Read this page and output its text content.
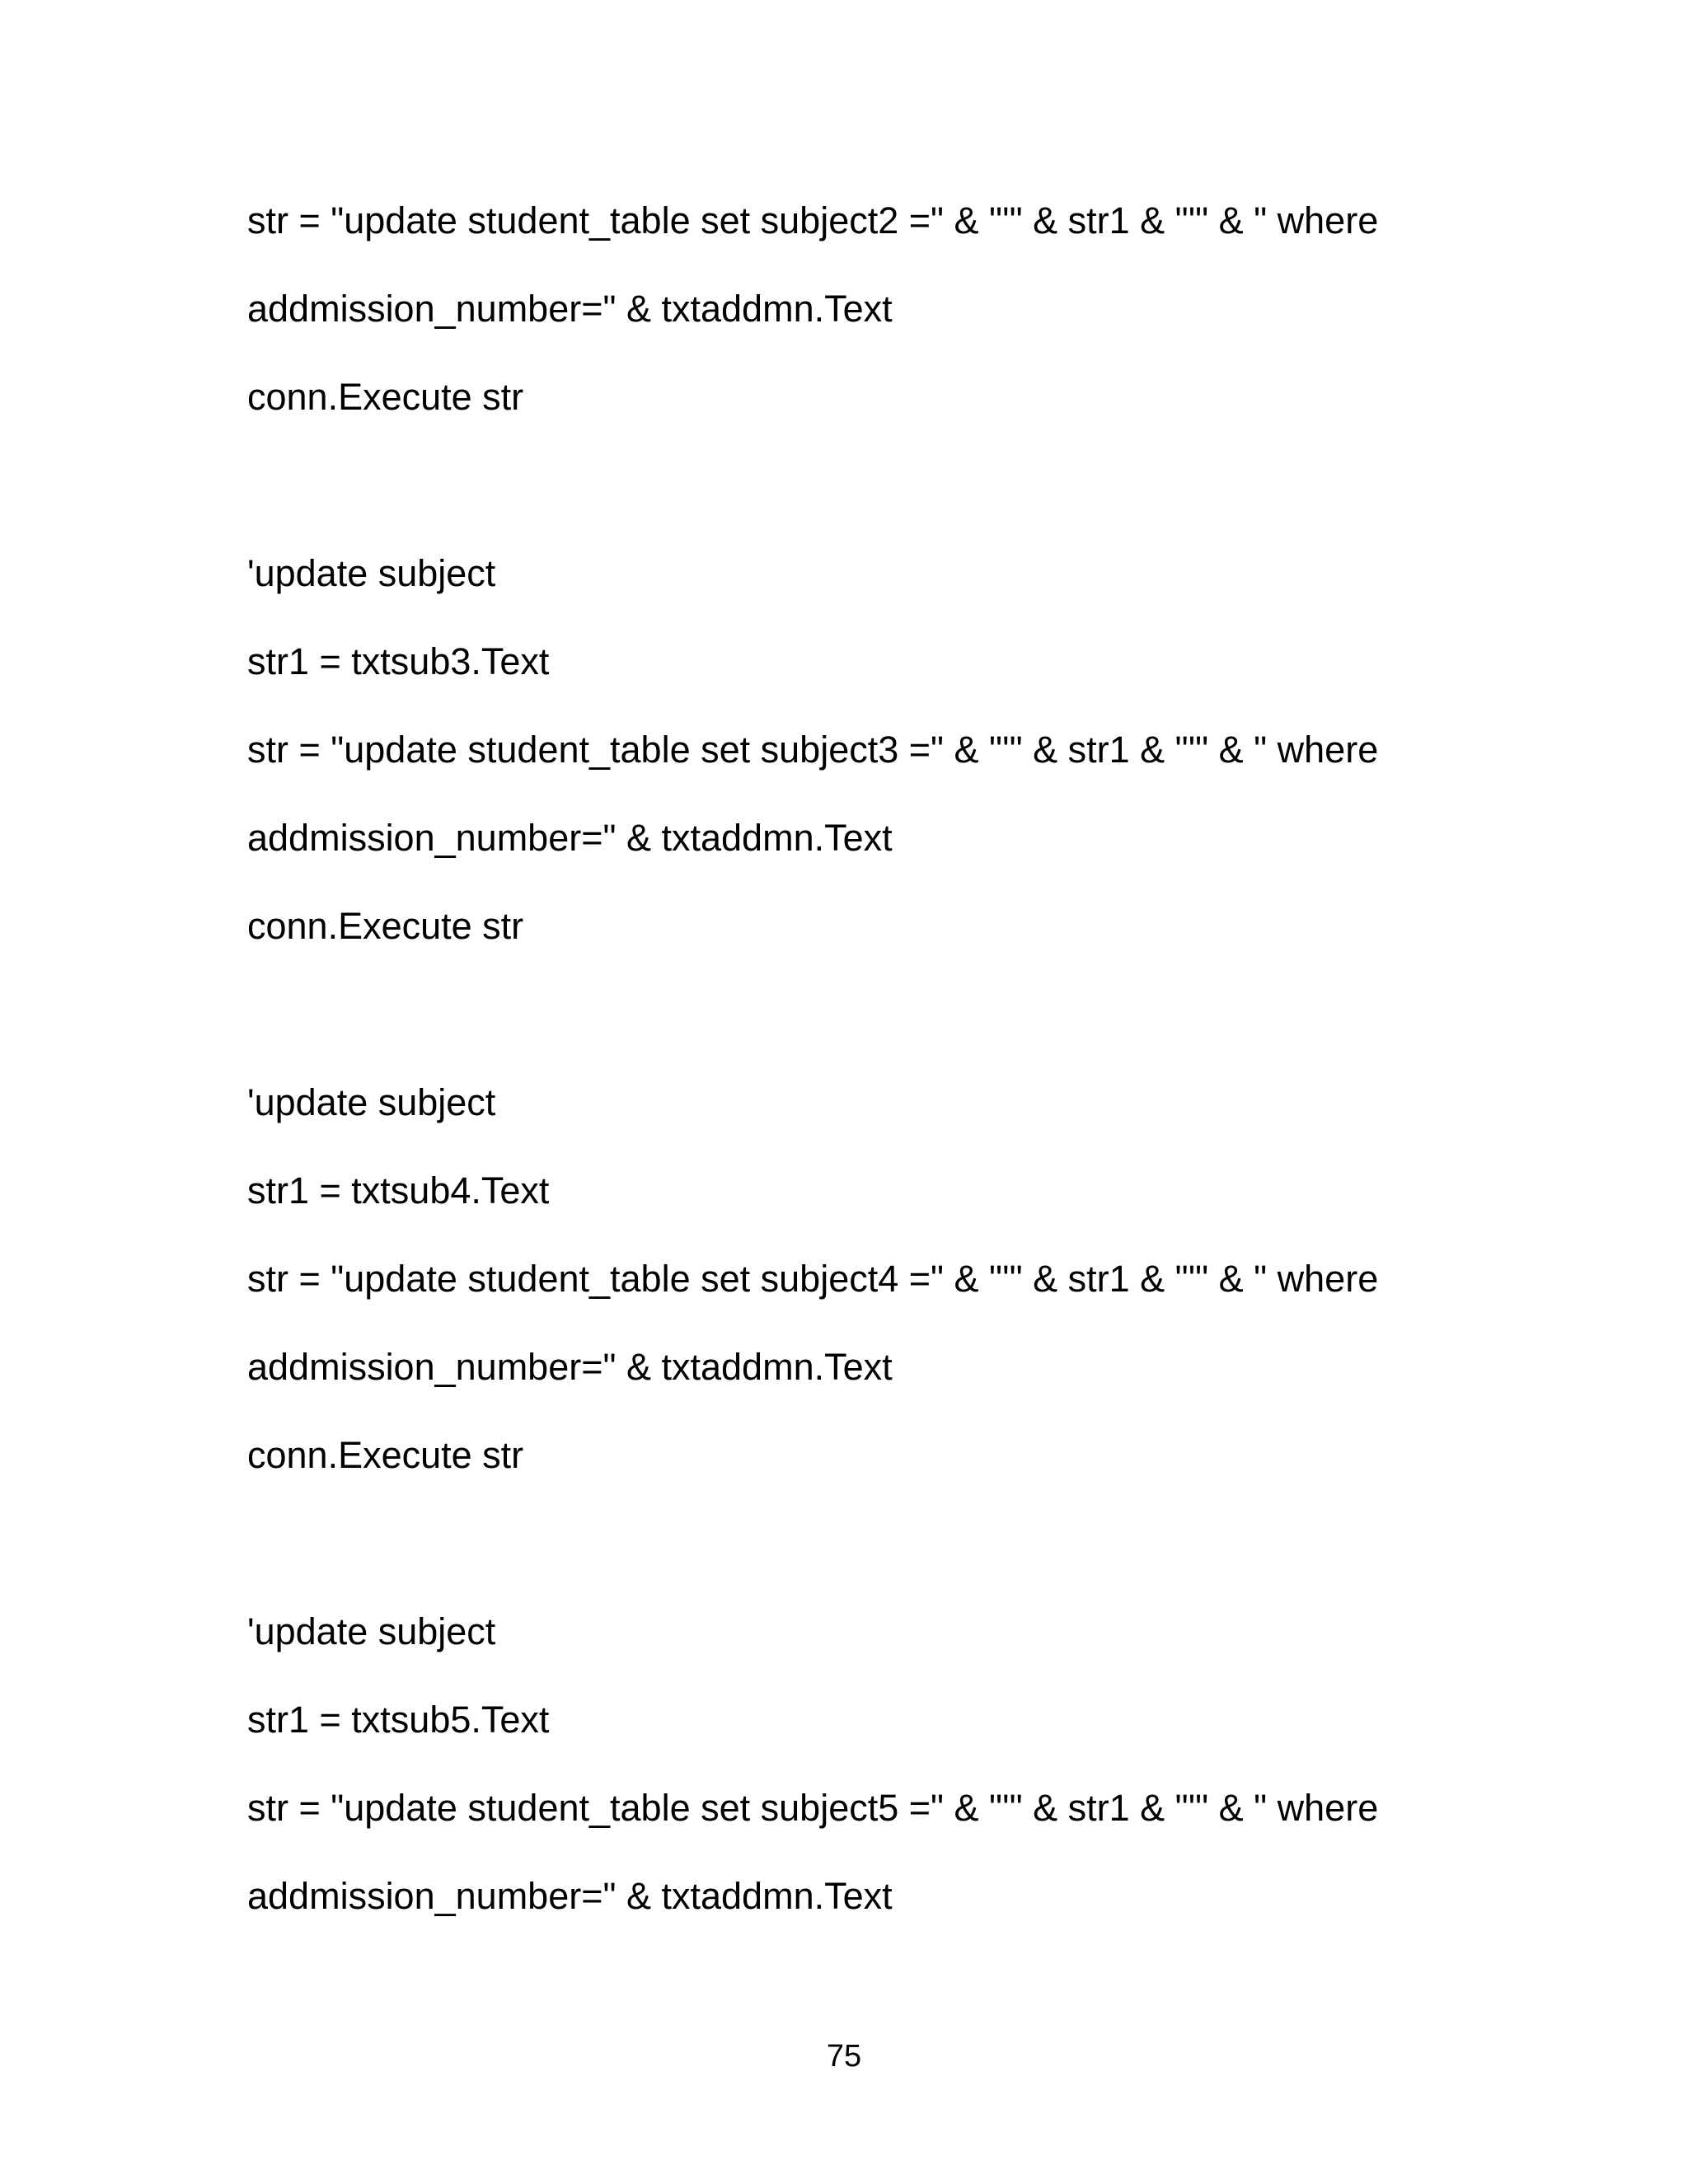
str = "update student_table set subject2 =" & "'" & str1 & "'" & " where
addmission_number=" & txtaddmn.Text
conn.Execute str
'update subject
str1 = txtsub3.Text
str = "update student_table set subject3 =" & "'" & str1 & "'" & " where
addmission_number=" & txtaddmn.Text
conn.Execute str
'update subject
str1 = txtsub4.Text
str = "update student_table set subject4 =" & "'" & str1 & "'" & " where
addmission_number=" & txtaddmn.Text
conn.Execute str
'update subject
str1 = txtsub5.Text
str = "update student_table set subject5 =" & "'" & str1 & "'" & " where
addmission_number=" & txtaddmn.Text
75
